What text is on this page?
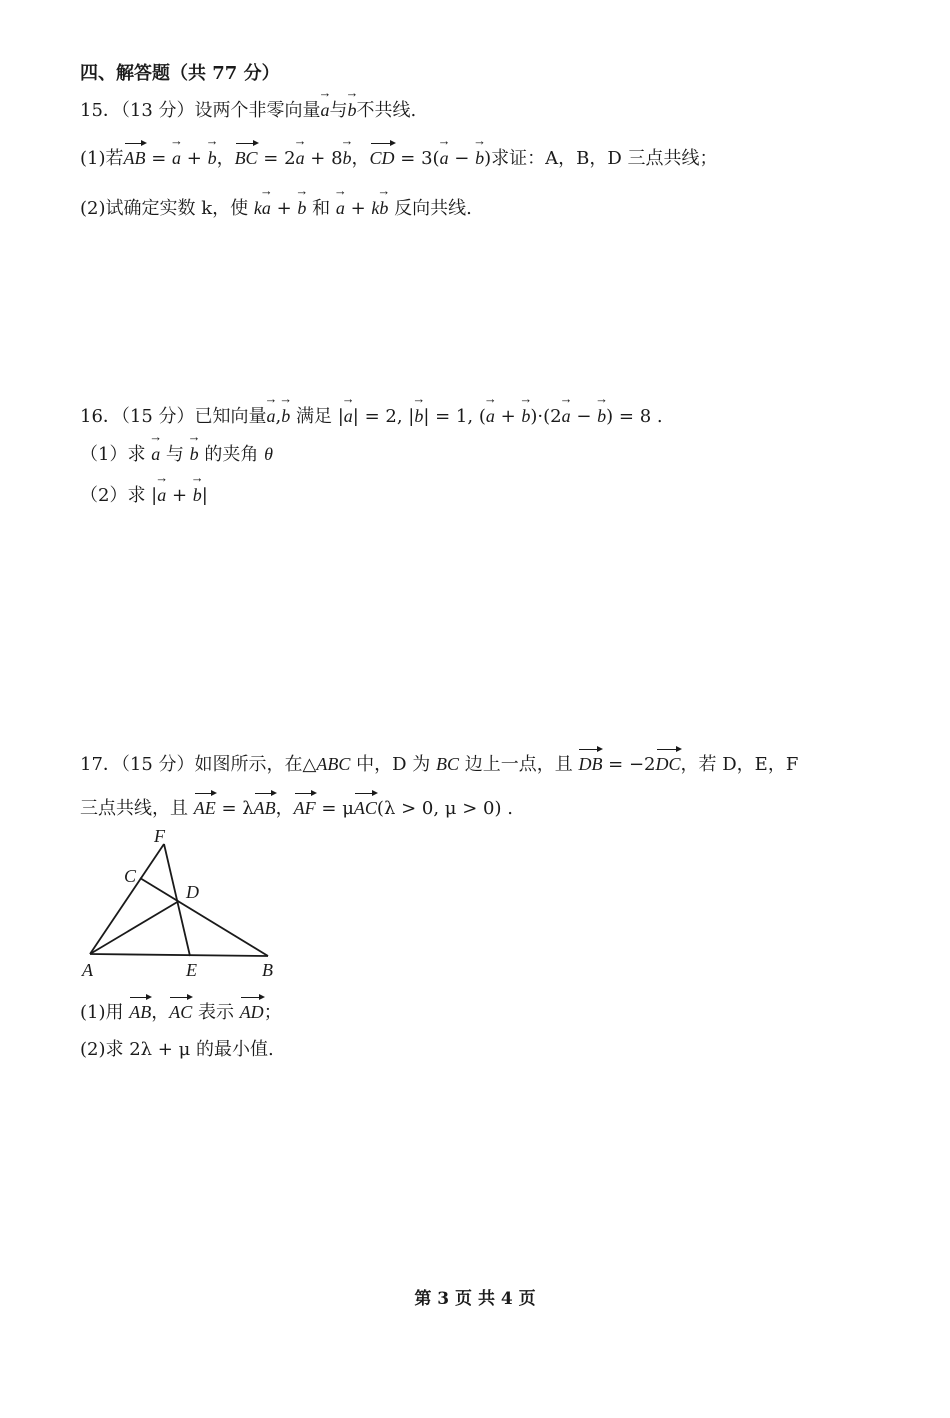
四、解答题（共 77 分）
15．（13 分）设两个非零向量→ a与→ b不共线.
(1)若AB = → a + → b，BC = 2→ a + 8→ b，CD = 3(→ a − → b)求证：A，B，D 三点共线；
(2)试确定实数 k，使 k→ a + → b 和 → a + k→ b 反向共线.
16．（15 分）已知向量→ a,→ b 满足 |→ a| = 2, |→ b| = 1, (→ a + → b)·(2→ a − → b) = 8 .
（1）求 → a 与 → b 的夹角 θ
（2）求 |→ a + → b|
17．（15 分）如图所示，在△ABC 中，D 为 BC 边上一点，且 DB = −2DC，若 D，E，F
三点共线，且 AE = λAB，AF = μAC(λ > 0, μ > 0) .
F
C
D
A	E	B
(1)用 AB，AC 表示 AD；
(2)求 2λ + μ 的最小值.
第 3 页 共 4 页
